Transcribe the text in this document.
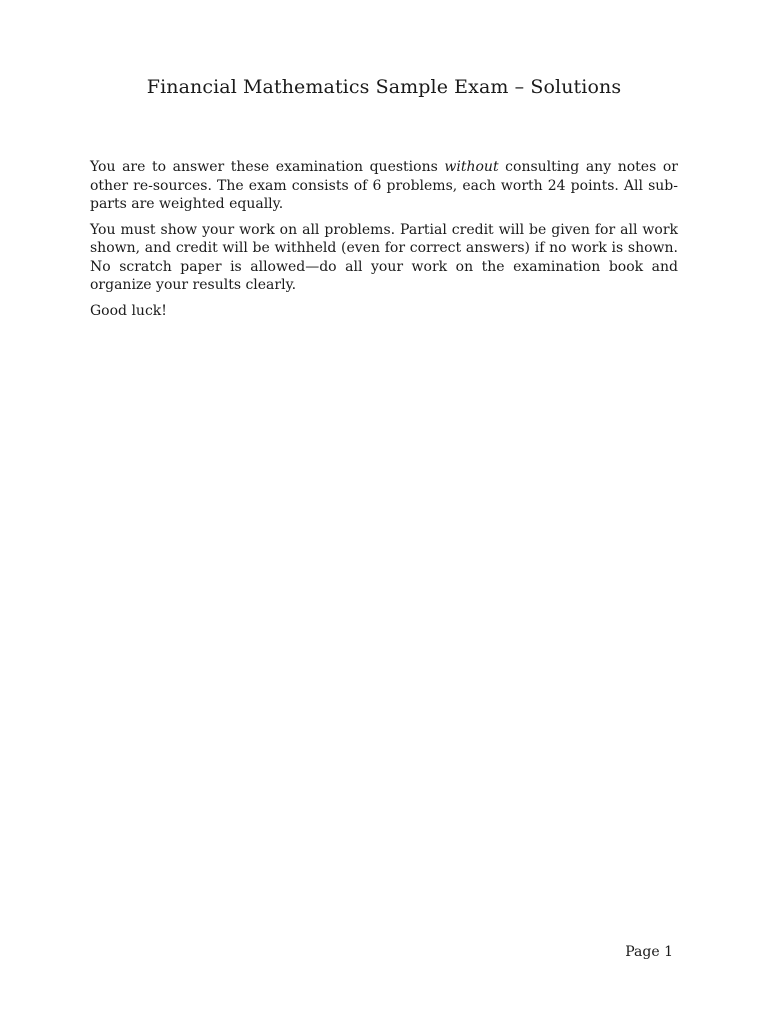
Financial Mathematics Sample Exam – Solutions

You are to answer these examination questions without consulting any notes or other re-sources. The exam consists of 6 problems, each worth 24 points. All sub-parts are weighted equally.

You must show your work on all problems. Partial credit will be given for all work shown, and credit will be withheld (even for correct answers) if no work is shown. No scratch paper is allowed—do all your work on the examination book and organize your results clearly.

Good luck!

Page 1
